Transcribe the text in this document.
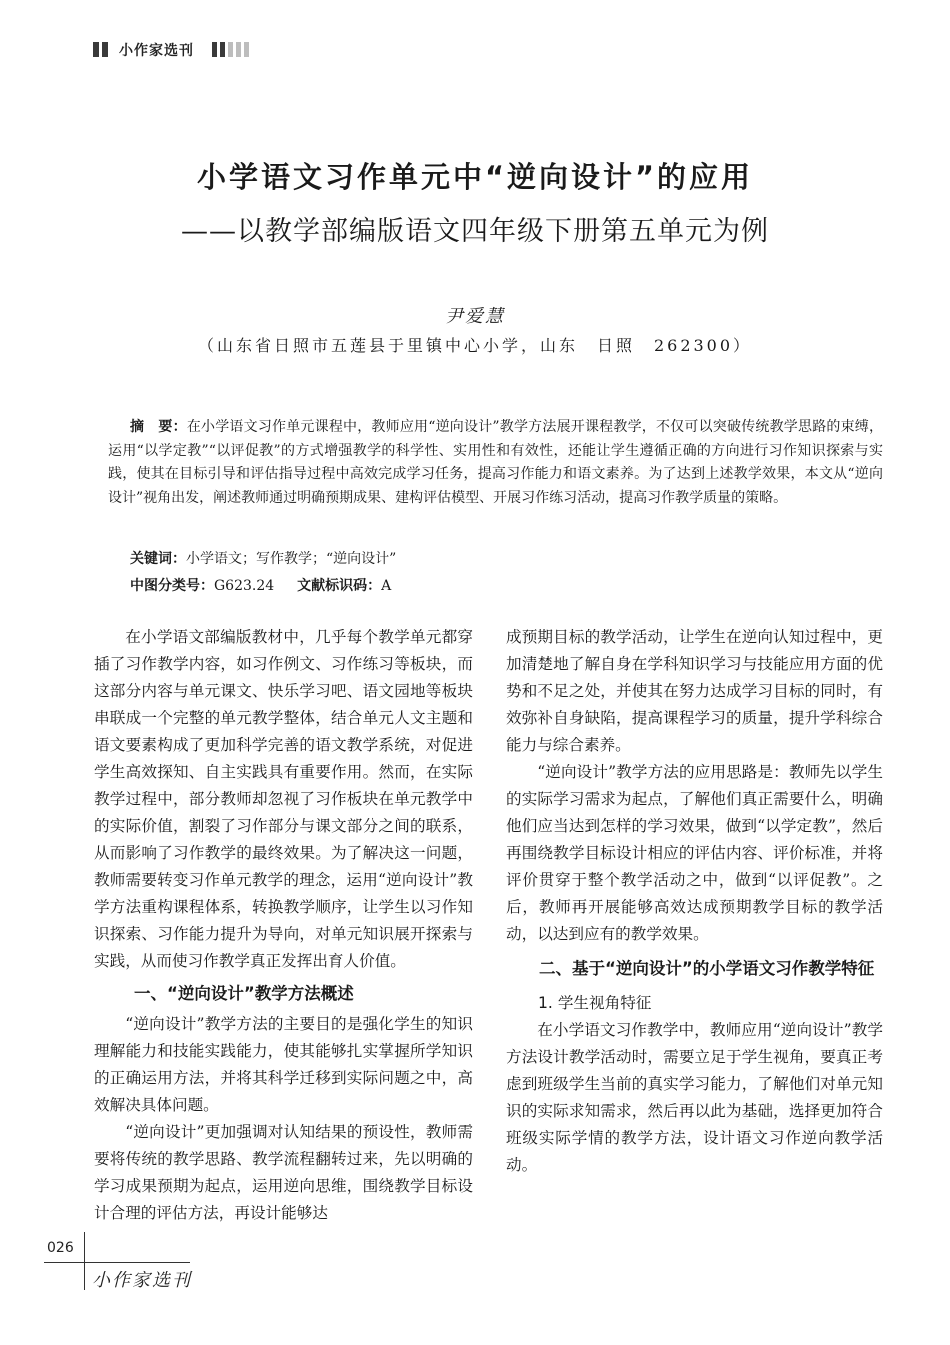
小作家选刊
小学语文习作单元中“逆向设计”的应用
——以教学部编版语文四年级下册第五单元为例
尹爱慧
（山东省日照市五莲县于里镇中心小学，山东　日照　262300）
摘　要：在小学语文习作单元课程中，教师应用“逆向设计”教学方法展开课程教学，不仅可以突破传统教学思路的束缚，运用“以学定教”“以评促教”的方式增强教学的科学性、实用性和有效性，还能让学生遵循正确的方向进行习作知识探索与实践，使其在目标引导和评估指导过程中高效完成学习任务，提高习作能力和语文素养。为了达到上述教学效果，本文从“逆向设计”视角出发，阐述教师通过明确预期成果、建构评估模型、开展习作练习活动，提高习作教学质量的策略。
关键词：小学语文；写作教学；“逆向设计”
中图分类号：G623.24 文献标识码：A

在小学语文部编版教材中，几乎每个教学单元都穿插了习作教学内容，如习作例文、习作练习等板块，而这部分内容与单元课文、快乐学习吧、语文园地等板块串联成一个完整的单元教学整体，结合单元人文主题和语文要素构成了更加科学完善的语文教学系统，对促进学生高效探知、自主实践具有重要作用。然而，在实际教学过程中，部分教师却忽视了习作板块在单元教学中的实际价值，割裂了习作部分与课文部分之间的联系，从而影响了习作教学的最终效果。为了解决这一问题，教师需要转变习作单元教学的理念，运用“逆向设计”教学方法重构课程体系，转换教学顺序，让学生以习作知识探索、习作能力提升为导向，对单元知识展开探索与实践，从而使习作教学真正发挥出育人价值。

一、“逆向设计”教学方法概述

“逆向设计”教学方法的主要目的是强化学生的知识理解能力和技能实践能力，使其能够扎实掌握所学知识的正确运用方法，并将其科学迁移到实际问题之中，高效解决具体问题。

“逆向设计”更加强调对认知结果的预设性，教师需要将传统的教学思路、教学流程翻转过来，先以明确的学习成果预期为起点，运用逆向思维，围绕教学目标设计合理的评估方法，再设计能够达

成预期目标的教学活动，让学生在逆向认知过程中，更加清楚地了解自身在学科知识学习与技能应用方面的优势和不足之处，并使其在努力达成学习目标的同时，有效弥补自身缺陷，提高课程学习的质量，提升学科综合能力与综合素养。

“逆向设计”教学方法的应用思路是：教师先以学生的实际学习需求为起点，了解他们真正需要什么，明确他们应当达到怎样的学习效果，做到“以学定教”，然后再围绕教学目标设计相应的评估内容、评价标准，并将评价贯穿于整个教学活动之中，做到“以评促教”。之后，教师再开展能够高效达成预期教学目标的教学活动，以达到应有的教学效果。

二、基于“逆向设计”的小学语文习作教学特征

1. 学生视角特征

在小学语文习作教学中，教师应用“逆向设计”教学方法设计教学活动时，需要立足于学生视角，要真正考虑到班级学生当前的真实学习能力，了解他们对单元知识的实际求知需求，然后再以此为基础，选择更加符合班级实际学情的教学方法，设计语文习作逆向教学活动。

026
小作家选刊
